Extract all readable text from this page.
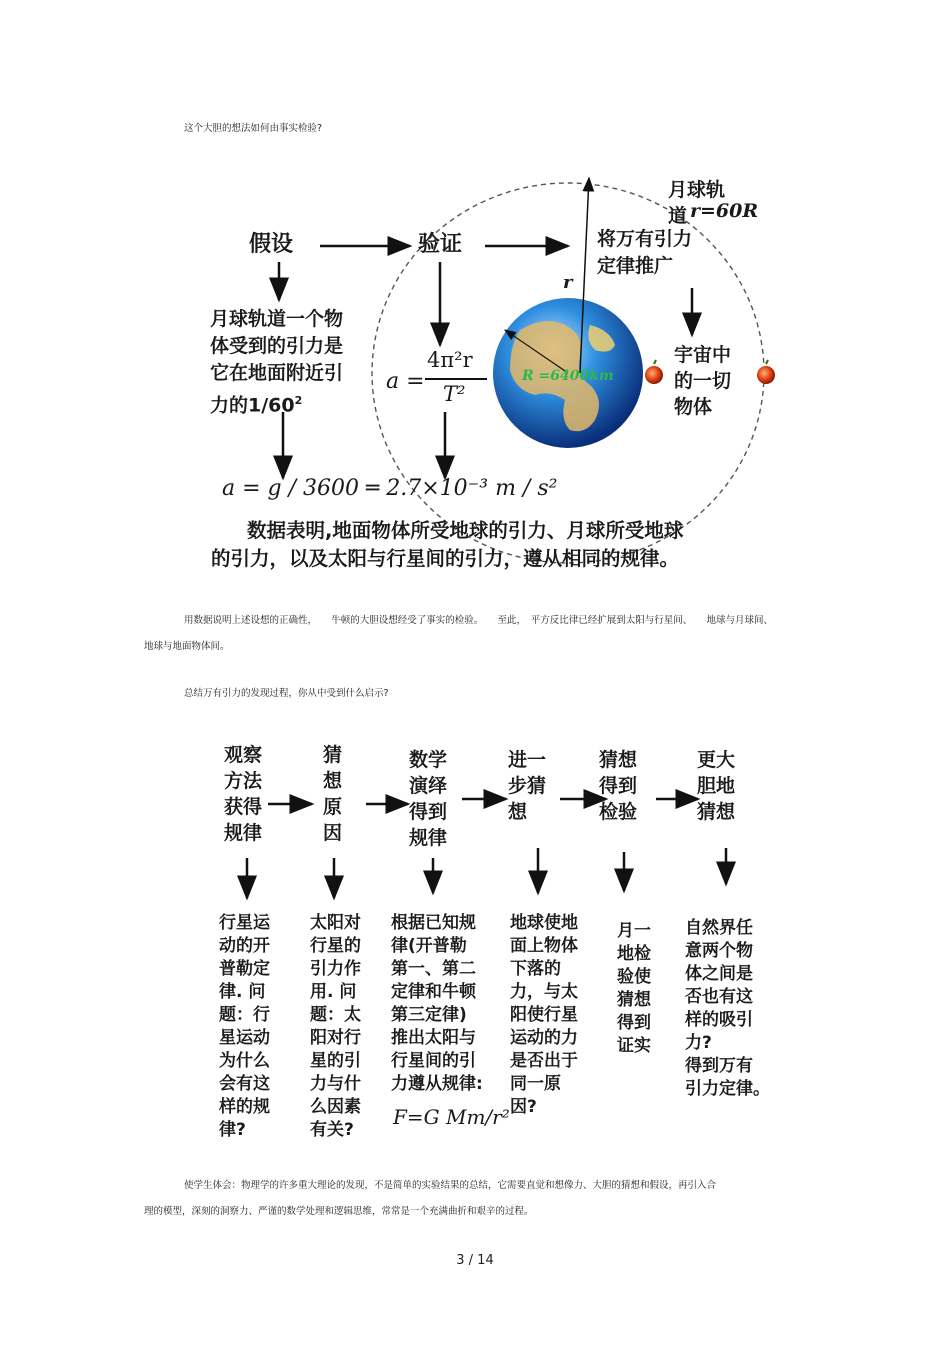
这个大胆的想法如何由事实检验?
假设	验证	将万有引力
定律推广
月球轨
道 r=60R
r
R =6400km
月球轨道一个物
体受到的引力是
它在地面附近引
力的$1/60^2$
a =
4π²r
T²
宇宙中
的一切
物体
a = g / 3600 ═ 2.7×10⁻³ m / s²
数据表明,地面物体所受地球的引力、月球所受地球
的引力，以及太阳与行星间的引力，遵从相同的规律。
用数据说明上述设想的正确性，　　牛顿的大胆设想经受了事实的检验。　　至此，　平方反比律已经扩展到太阳与行星间、　　地球与月球间、
地球与地面物体间。
总结万有引力的发现过程，你从中受到什么启示?
观察
方法
获得
规律
猜
想
原
因
数学
演绎
得到
规律
进一
步猜
想
猜想
得到
检验
更大
胆地
猜想
行星运
动的开
普勒定
律. 问
题：行
星运动
为什么
会有这
样的规
律?
太阳对
行星的
引力作
用. 问
题：太
阳对行
星的引
力与什
么因素
有关?
根据已知规
律(开普勒
第一、第二
定律和牛顿
第三定律)
推出太阳与
行星间的引
力遵从规律:
F=G Mm/r²
地球使地
面上物体
下落的
力，与太
阳使行星
运动的力
是否出于
同一原
因?
月一
地检
验使
猜想
得到
证实
自然界任
意两个物
体之间是
否也有这
样的吸引
力?
得到万有
引力定律。
使学生体会：物理学的许多重大理论的发现，不是简单的实验结果的总结，它需要直觉和想像力、大胆的猜想和假设，再引入合
理的模型，深刻的洞察力、严谨的数学处理和逻辑思维，常常是一个充满曲折和艰辛的过程。
3 / 14
